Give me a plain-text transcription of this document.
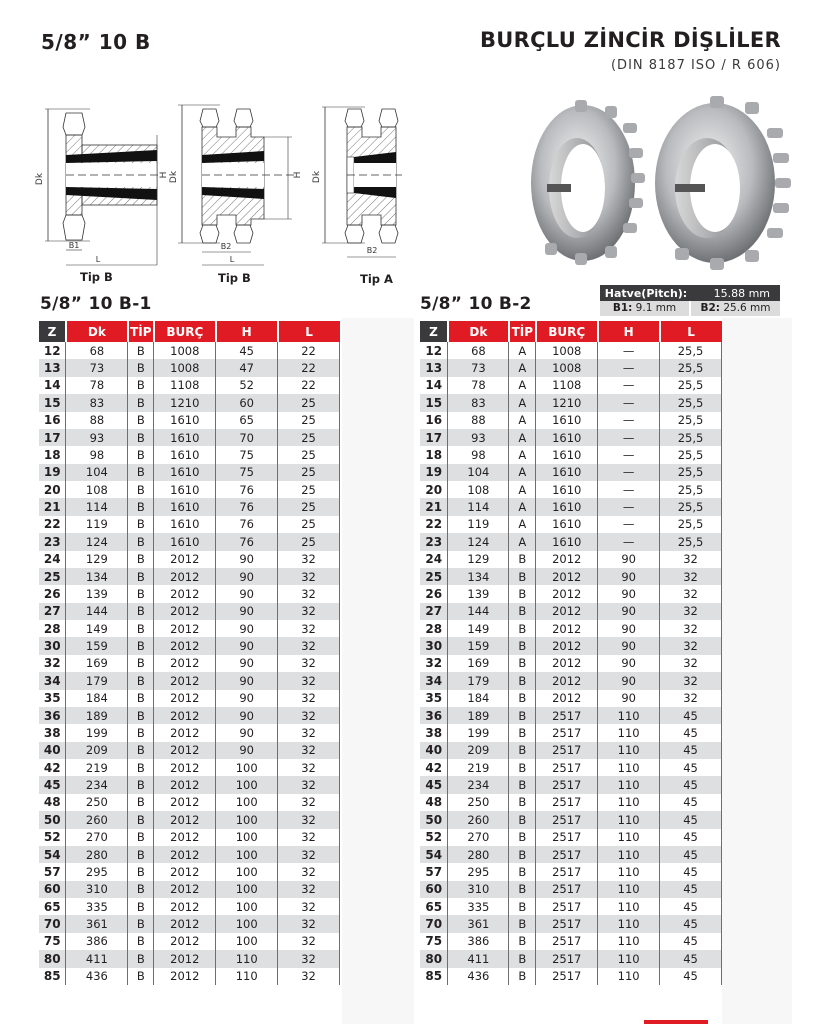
5/8” 10 B	BURÇLU ZİNCİR DİŞLİLER
(DIN 8187 ISO / R 606)
Dk	H
B1
L
Dk	H
B2
L
Dk
B2
Tip B	Tip B	Tip A
Hatve(Pitch):	15.88 mm
B1: 9.1 mm	B2: 25.6 mm
5/8” 10 B-1	5/8” 10 B-2
Z	Dk	TİP	BURÇ	H	L
12	68	B	1008	45	22
13	73	B	1008	47	22
14	78	B	1108	52	22
15	83	B	1210	60	25
16	88	B	1610	65	25
17	93	B	1610	70	25
18	98	B	1610	75	25
19	104	B	1610	75	25
20	108	B	1610	76	25
21	114	B	1610	76	25
22	119	B	1610	76	25
23	124	B	1610	76	25
24	129	B	2012	90	32
25	134	B	2012	90	32
26	139	B	2012	90	32
27	144	B	2012	90	32
28	149	B	2012	90	32
30	159	B	2012	90	32
32	169	B	2012	90	32
34	179	B	2012	90	32
35	184	B	2012	90	32
36	189	B	2012	90	32
38	199	B	2012	90	32
40	209	B	2012	90	32
42	219	B	2012	100	32
45	234	B	2012	100	32
48	250	B	2012	100	32
50	260	B	2012	100	32
52	270	B	2012	100	32
54	280	B	2012	100	32
57	295	B	2012	100	32
60	310	B	2012	100	32
65	335	B	2012	100	32
70	361	B	2012	100	32
75	386	B	2012	100	32
80	411	B	2012	110	32
85	436	B	2012	110	32
Z	Dk	TİP	BURÇ	H	L
12	68	A	1008	—	25,5
13	73	A	1008	—	25,5
14	78	A	1108	—	25,5
15	83	A	1210	—	25,5
16	88	A	1610	—	25,5
17	93	A	1610	—	25,5
18	98	A	1610	—	25,5
19	104	A	1610	—	25,5
20	108	A	1610	—	25,5
21	114	A	1610	—	25,5
22	119	A	1610	—	25,5
23	124	A	1610	—	25,5
24	129	B	2012	90	32
25	134	B	2012	90	32
26	139	B	2012	90	32
27	144	B	2012	90	32
28	149	B	2012	90	32
30	159	B	2012	90	32
32	169	B	2012	90	32
34	179	B	2012	90	32
35	184	B	2012	90	32
36	189	B	2517	110	45
38	199	B	2517	110	45
40	209	B	2517	110	45
42	219	B	2517	110	45
45	234	B	2517	110	45
48	250	B	2517	110	45
50	260	B	2517	110	45
52	270	B	2517	110	45
54	280	B	2517	110	45
57	295	B	2517	110	45
60	310	B	2517	110	45
65	335	B	2517	110	45
70	361	B	2517	110	45
75	386	B	2517	110	45
80	411	B	2517	110	45
85	436	B	2517	110	45
